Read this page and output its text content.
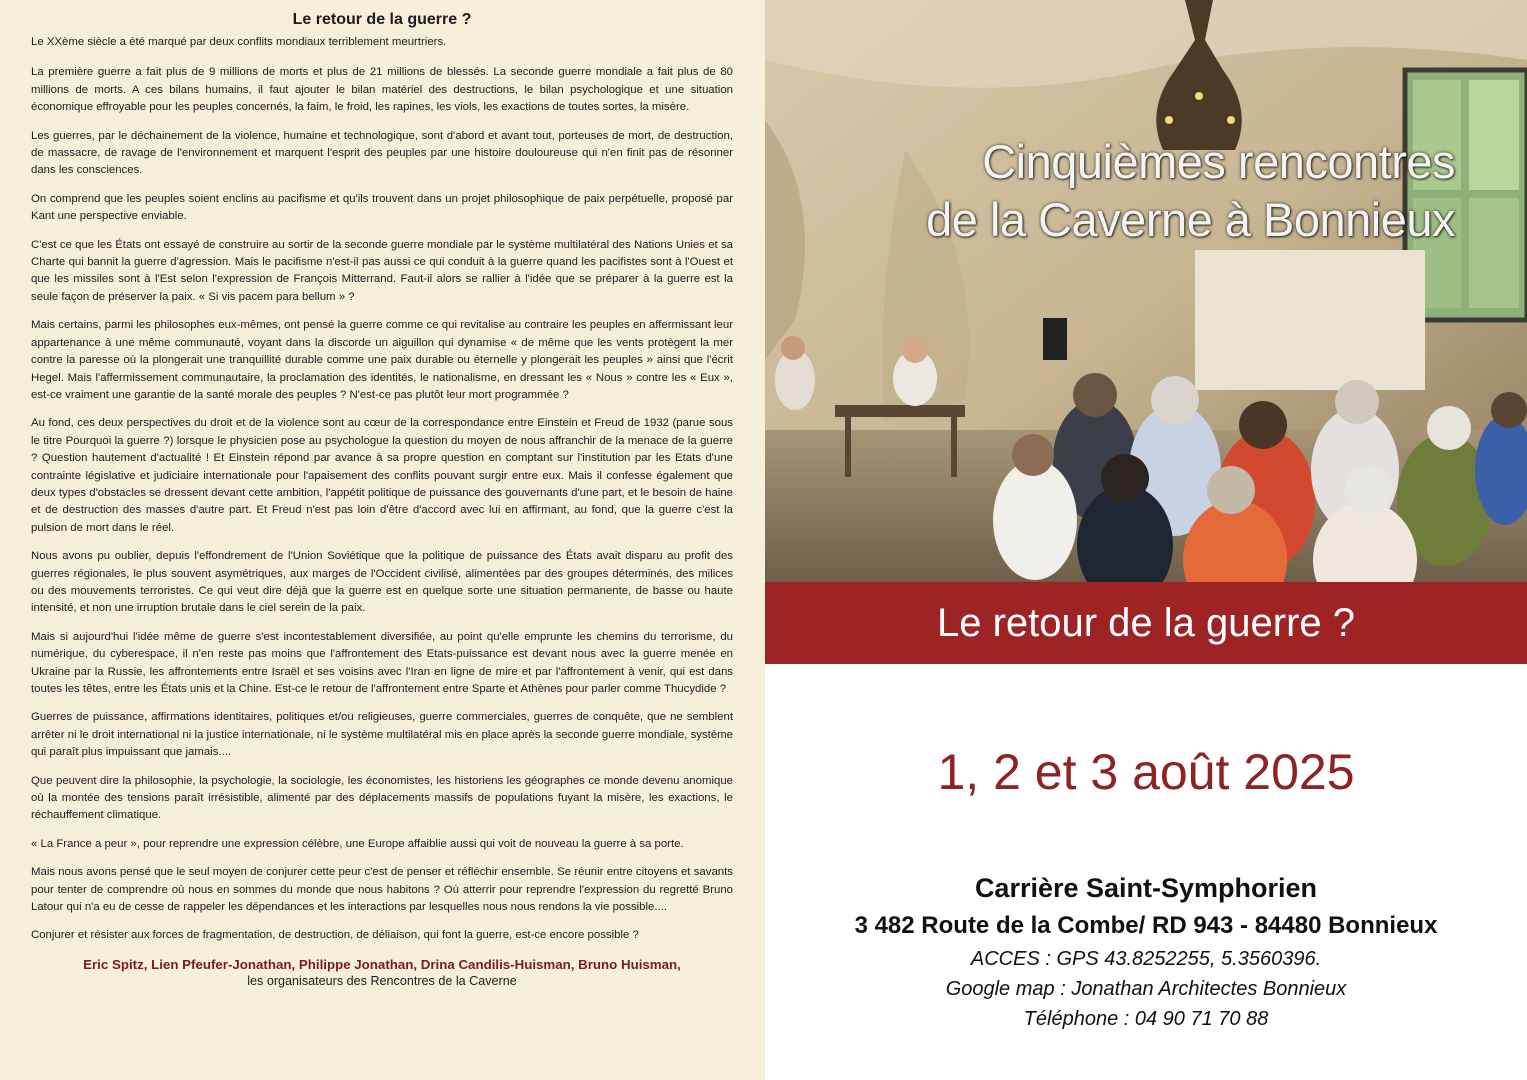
Le retour de la guerre ?

Le XXème siècle a été marqué par deux conflits mondiaux terriblement meurtriers.

La première guerre a fait plus de 9 millions de morts et plus de 21 millions de blessés. La seconde guerre mondiale a fait plus de 80 millions de morts. A ces bilans humains, il faut ajouter le bilan matériel des destructions, le bilan psychologique et une situation économique effroyable pour les peuples concernés, la faim, le froid, les rapines, les viols, les exactions de toutes sortes, la misère.

Les guerres, par le déchainement de la violence, humaine et technologique, sont d'abord et avant tout, porteuses de mort, de destruction, de massacre, de ravage de l'environnement et marquent l'esprit des peuples par une histoire douloureuse qui n'en finit pas de résonner dans les consciences.

On comprend que les peuples soient enclins au pacifisme et qu'ils trouvent dans un projet philosophique de paix perpétuelle, proposé par Kant une perspective enviable.

C'est ce que les États ont essayé de construire au sortir de la seconde guerre mondiale par le système multilatéral des Nations Unies et sa Charte qui bannit la guerre d'agression. Mais le pacifisme n'est-il pas aussi ce qui conduit à la guerre quand les pacifistes sont à l'Ouest et que les missiles sont à l'Est selon l'expression de François Mitterrand. Faut-il alors se rallier à l'idée que se préparer à la guerre est la seule façon de préserver la paix. « Si vis pacem para bellum » ?

Mais certains, parmi les philosophes eux-mêmes, ont pensé la guerre comme ce qui revitalise au contraire les peuples en affermissant leur appartenance à une même communauté, voyant dans la discorde un aiguillon qui dynamise « de même que les vents protègent la mer contre la paresse où la plongerait une tranquillité durable comme une paix durable ou éternelle y plongerait les peuples » ainsi que l'écrit Hegel. Mais l'affermissement communautaire, la proclamation des identités, le nationalisme, en dressant les « Nous » contre les « Eux », est-ce vraiment une garantie de la santé morale des peuples ? N'est-ce pas plutôt leur mort programmée ?

Au fond, ces deux perspectives du droit et de la violence sont au cœur de la correspondance entre Einstein et Freud de 1932 (parue sous le titre Pourquoi la guerre ?) lorsque le physicien pose au psychologue la question du moyen de nous affranchir de la menace de la guerre ? Question hautement d'actualité ! Et Einstein répond par avance à sa propre question en comptant sur l'institution par les Etats d'une contrainte législative et judiciaire internationale pour l'apaisement des conflits pouvant surgir entre eux. Mais il confesse également que deux types d'obstacles se dressent devant cette ambition, l'appétit politique de puissance des gouvernants d'une part, et le besoin de haine et de destruction des masses d'autre part. Et Freud n'est pas loin d'être d'accord avec lui en affirmant, au fond, que la guerre c'est la pulsion de mort dans le réel.

Nous avons pu oublier, depuis l'effondrement de l'Union Soviétique que la politique de puissance des États avait disparu au profit des guerres régionales, le plus souvent asymétriques, aux marges de l'Occident civilisé, alimentées par des groupes déterminés, des milices ou des mouvements terroristes. Ce qui veut dire déjà que la guerre est en quelque sorte une situation permanente, de basse ou haute intensité, et non une irruption brutale dans le ciel serein de la paix.

Mais si aujourd'hui l'idée même de guerre s'est incontestablement diversifiée, au point qu'elle emprunte les chemins du terrorisme, du numérique, du cyberespace, il n'en reste pas moins que l'affrontement des Etats-puissance est devant nous avec la guerre menée en Ukraine par la Russie, les affrontements entre Israël et ses voisins avec l'Iran en ligne de mire et par l'affrontement à venir, qui est dans toutes les têtes, entre les États unis et la Chine. Est-ce le retour de l'affrontement entre Sparte et Athènes pour parler comme Thucydide ?

Guerres de puissance, affirmations identitaires, politiques et/ou religieuses, guerre commerciales, guerres de conquête, que ne semblent arrêter ni le droit international ni la justice internationale, ni le système multilatéral mis en place après la seconde guerre mondiale, système qui paraît plus impuissant que jamais....

Que peuvent dire la philosophie, la psychologie, la sociologie, les économistes, les historiens les géographes ce monde devenu anomique où la montée des tensions paraît irrésistible, alimenté par des déplacements massifs de populations fuyant la misère, les exactions, le réchauffement climatique.

« La France a peur », pour reprendre une expression célèbre, une Europe affaiblie aussi qui voit de nouveau la guerre à sa porte.

Mais nous avons pensé que le seul moyen de conjurer cette peur c'est de penser et réfléchir ensemble. Se réunir entre citoyens et savants pour tenter de comprendre où nous en sommes du monde que nous habitons ? Où atterrir pour reprendre l'expression du regretté Bruno Latour qui n'a eu de cesse de rappeler les dépendances et les interactions par lesquelles nous nous rendons la vie possible....

Conjurer et résister aux forces de fragmentation, de destruction, de déliaison, qui font la guerre, est-ce encore possible ?

Eric Spitz, Lien Pfeufer-Jonathan, Philippe Jonathan, Drina Candilis-Huisman, Bruno Huisman,
les organisateurs des Rencontres de la Caverne
Cinquièmes rencontres
de la Caverne à Bonnieux
Le retour de la guerre ?
1, 2 et 3 août 2025
Carrière Saint-Symphorien
3 482 Route de la Combe/ RD 943 - 84480 Bonnieux
ACCES : GPS 43.8252255, 5.3560396.
Google map : Jonathan Architectes Bonnieux
Téléphone : 04 90 71 70 88
